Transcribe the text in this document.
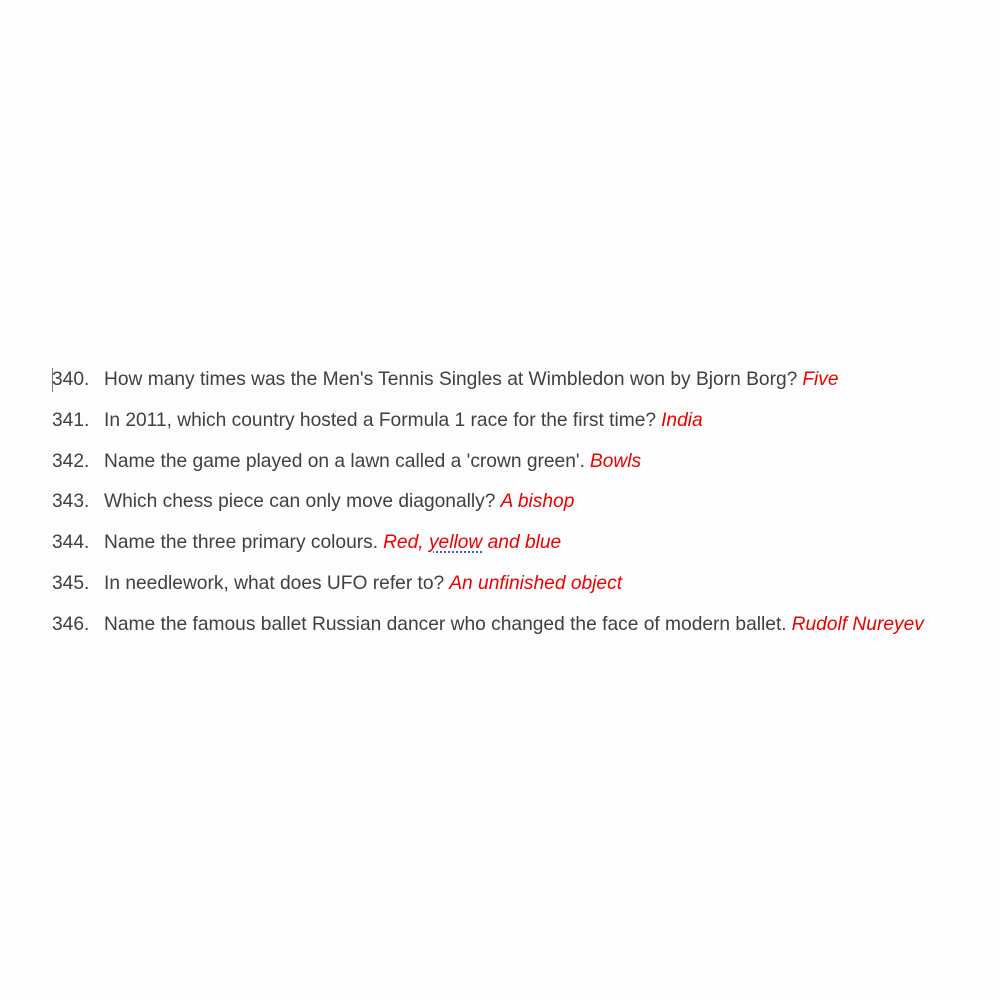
340. How many times was the Men's Tennis Singles at Wimbledon won by Bjorn Borg? Five
341. In 2011, which country hosted a Formula 1 race for the first time? India
342. Name the game played on a lawn called a 'crown green'. Bowls
343. Which chess piece can only move diagonally? A bishop
344. Name the three primary colours. Red, yellow and blue
345. In needlework, what does UFO refer to? An unfinished object
346. Name the famous ballet Russian dancer who changed the face of modern ballet. Rudolf Nureyev
